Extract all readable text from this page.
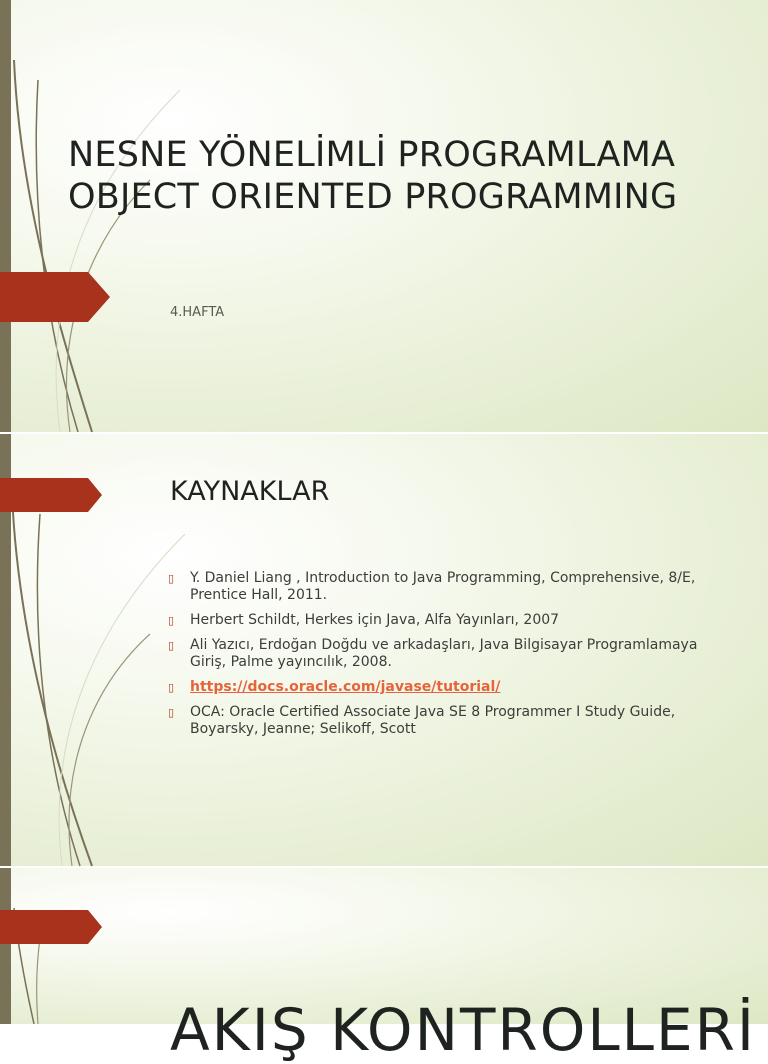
NESNE YÖNELİMLİ PROGRAMLAMA
OBJECT ORIENTED PROGRAMMING
4.HAFTA
KAYNAKLAR
▯ Y. Daniel Liang , Introduction to Java Programming, Comprehensive, 8/E, Prentice Hall, 2011.
▯ Herbert Schildt, Herkes için Java, Alfa Yayınları, 2007
▯ Ali Yazıcı, Erdoğan Doğdu ve arkadaşları, Java Bilgisayar Programlamaya Giriş, Palme yayıncılık, 2008.
▯ https://docs.oracle.com/javase/tutorial/
▯ OCA: Oracle Certified Associate Java SE 8 Programmer I Study Guide, Boyarsky, Jeanne; Selikoff, Scott
AKIŞ KONTROLLERİ
